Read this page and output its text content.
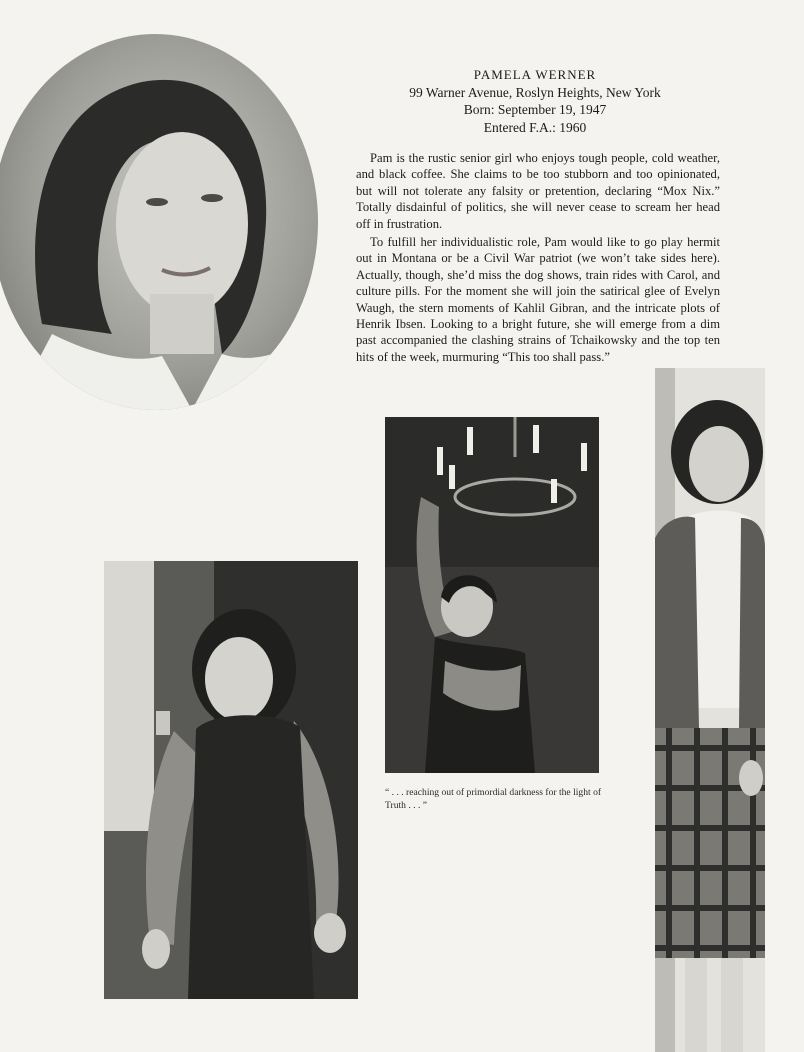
PAMELA WERNER
99 Warner Avenue, Roslyn Heights, New York
Born: September 19, 1947
Entered F.A.: 1960

Pam is the rustic senior girl who enjoys tough people, cold weather, and black coffee. She claims to be too stubborn and too opinionated, but will not tolerate any falsity or pretention, declaring “Mox Nix.” Totally disdainful of politics, she will never cease to scream her head off in frustration.

To fulfill her individualistic role, Pam would like to go play hermit out in Montana or be a Civil War patriot (we won’t take sides here). Actually, though, she’d miss the dog shows, train rides with Carol, and culture pills. For the moment she will join the satirical glee of Evelyn Waugh, the stern moments of Kahlil Gibran, and the intricate plots of Henrik Ibsen. Looking to a bright future, she will emerge from a dim past accompanied the clashing strains of Tchaikowsky and the top ten hits of the week, murmuring “This too shall pass.”

“ . . . reaching out of primordial darkness for the light of Truth . . . ”
